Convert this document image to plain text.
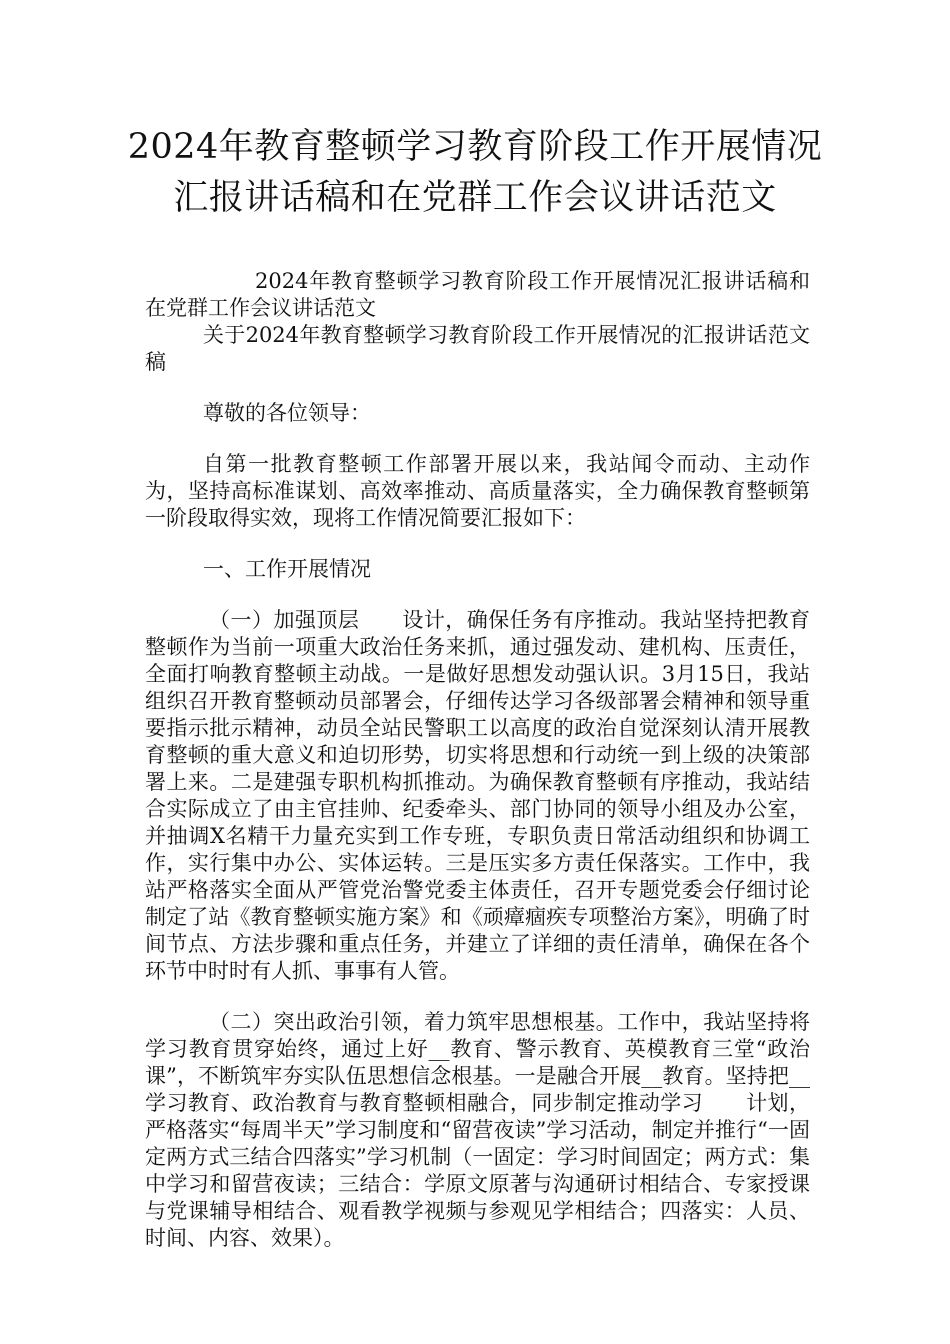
2024年教育整顿学习教育阶段工作开展情况汇报讲话稿和在党群工作会议讲话范文

2024年教育整顿学习教育阶段工作开展情况汇报讲话稿和在党群工作会议讲话范文

关于2024年教育整顿学习教育阶段工作开展情况的汇报讲话范文稿

尊敬的各位领导：

自第一批教育整顿工作部署开展以来，我站闻令而动、主动作为，坚持高标准谋划、高效率推动、高质量落实，全力确保教育整顿第一阶段取得实效，现将工作情况简要汇报如下：

一、工作开展情况

（一）加强顶层　　设计，确保任务有序推动。我站坚持把教育整顿作为当前一项重大政治任务来抓，通过强发动、建机构、压责任，全面打响教育整顿主动战。一是做好思想发动强认识。3月15日，我站组织召开教育整顿动员部署会，仔细传达学习各级部署会精神和领导重要指示批示精神，动员全站民警职工以高度的政治自觉深刻认清开展教育整顿的重大意义和迫切形势，切实将思想和行动统一到上级的决策部署上来。二是建强专职机构抓推动。为确保教育整顿有序推动，我站结合实际成立了由主官挂帅、纪委牵头、部门协同的领导小组及办公室，并抽调X名精干力量充实到工作专班，专职负责日常活动组织和协调工作，实行集中办公、实体运转。三是压实多方责任保落实。工作中，我站严格落实全面从严管党治警党委主体责任，召开专题党委会仔细讨论制定了站《教育整顿实施方案》和《顽瘴痼疾专项整治方案》，明确了时间节点、方法步骤和重点任务，并建立了详细的责任清单，确保在各个环节中时时有人抓、事事有人管。

（二）突出政治引领，着力筑牢思想根基。工作中，我站坚持将学习教育贯穿始终，通过上好__教育、警示教育、英模教育三堂“政治课”，不断筑牢夯实队伍思想信念根基。一是融合开展__教育。坚持把__学习教育、政治教育与教育整顿相融合，同步制定推动学习　　计划，严格落实“每周半天”学习制度和“留营夜读”学习活动，制定并推行“一固定两方式三结合四落实”学习机制（一固定：学习时间固定；两方式：集中学习和留营夜读；三结合：学原文原著与沟通研讨相结合、专家授课与党课辅导相结合、观看教学视频与参观见学相结合；四落实：人员、时间、内容、效果）。
